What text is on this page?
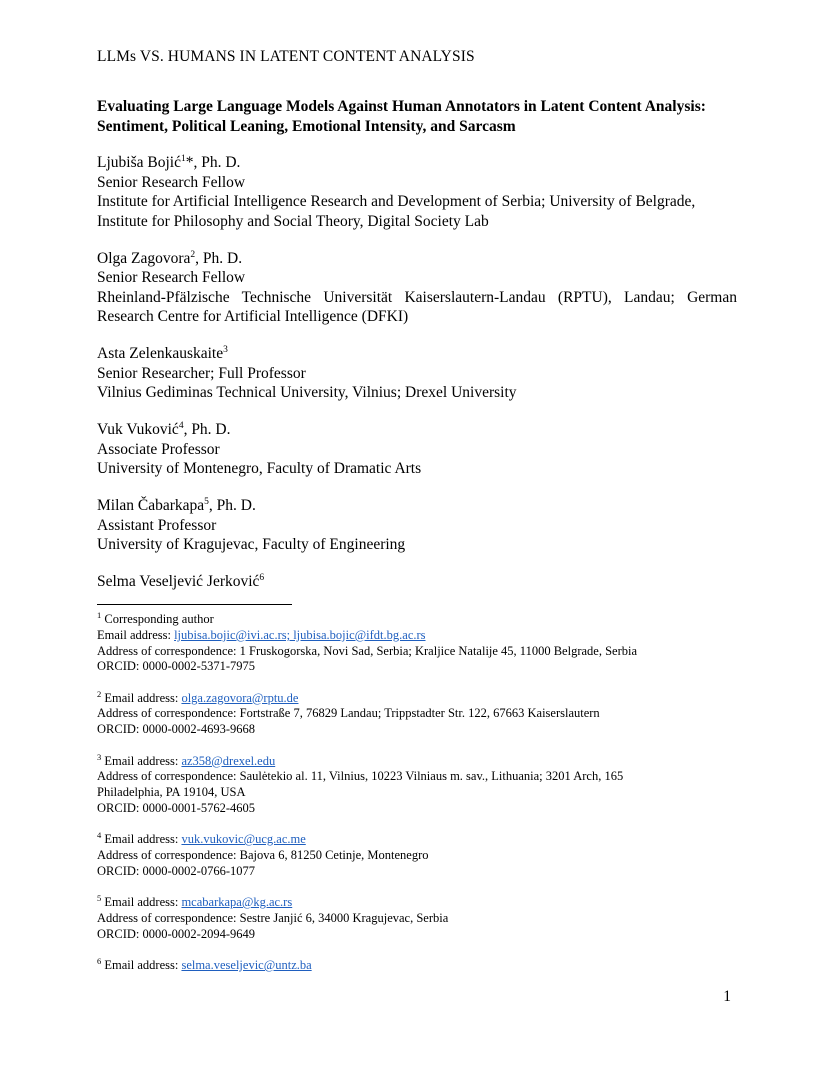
LLMs VS. HUMANS IN LATENT CONTENT ANALYSIS
Evaluating Large Language Models Against Human Annotators in Latent Content Analysis: Sentiment, Political Leaning, Emotional Intensity, and Sarcasm
Ljubiša Bojić$^1$*, Ph. D.
Senior Research Fellow
Institute for Artificial Intelligence Research and Development of Serbia; University of Belgrade, Institute for Philosophy and Social Theory, Digital Society Lab
Olga Zagovora$^2$, Ph. D.
Senior Research Fellow
Rheinland-Pfälzische Technische Universität Kaiserslautern-Landau (RPTU), Landau; German Research Centre for Artificial Intelligence (DFKI)
Asta Zelenkauskaite$^3$
Senior Researcher; Full Professor
Vilnius Gediminas Technical University, Vilnius; Drexel University
Vuk Vuković$^4$, Ph. D.
Associate Professor
University of Montenegro, Faculty of Dramatic Arts
Milan Čabarkapa$^5$, Ph. D.
Assistant Professor
University of Kragujevac, Faculty of Engineering
Selma Veseljević Jerković$^6$
$^1$ Corresponding author
Email address: ljubisa.bojic@ivi.ac.rs; ljubisa.bojic@ifdt.bg.ac.rs
Address of correspondence: 1 Fruskogorska, Novi Sad, Serbia; Kraljice Natalije 45, 11000 Belgrade, Serbia
ORCID: 0000-0002-5371-7975
$^2$ Email address: olga.zagovora@rptu.de
Address of correspondence: Fortstraße 7, 76829 Landau; Trippstadter Str. 122, 67663 Kaiserslautern
ORCID: 0000-0002-4693-9668
$^3$ Email address: az358@drexel.edu
Address of correspondence: Saulėtekio al. 11, Vilnius, 10223 Vilniaus m. sav., Lithuania; 3201 Arch, 165
Philadelphia, PA 19104, USA
ORCID: 0000-0001-5762-4605
$^4$ Email address: vuk.vukovic@ucg.ac.me
Address of correspondence: Bajova 6, 81250 Cetinje, Montenegro
ORCID: 0000-0002-0766-1077
$^5$ Email address: mcabarkapa@kg.ac.rs
Address of correspondence: Sestre Janjić 6, 34000 Kragujevac, Serbia
ORCID: 0000-0002-2094-9649
$^6$ Email address: selma.veseljevic@untz.ba
1
